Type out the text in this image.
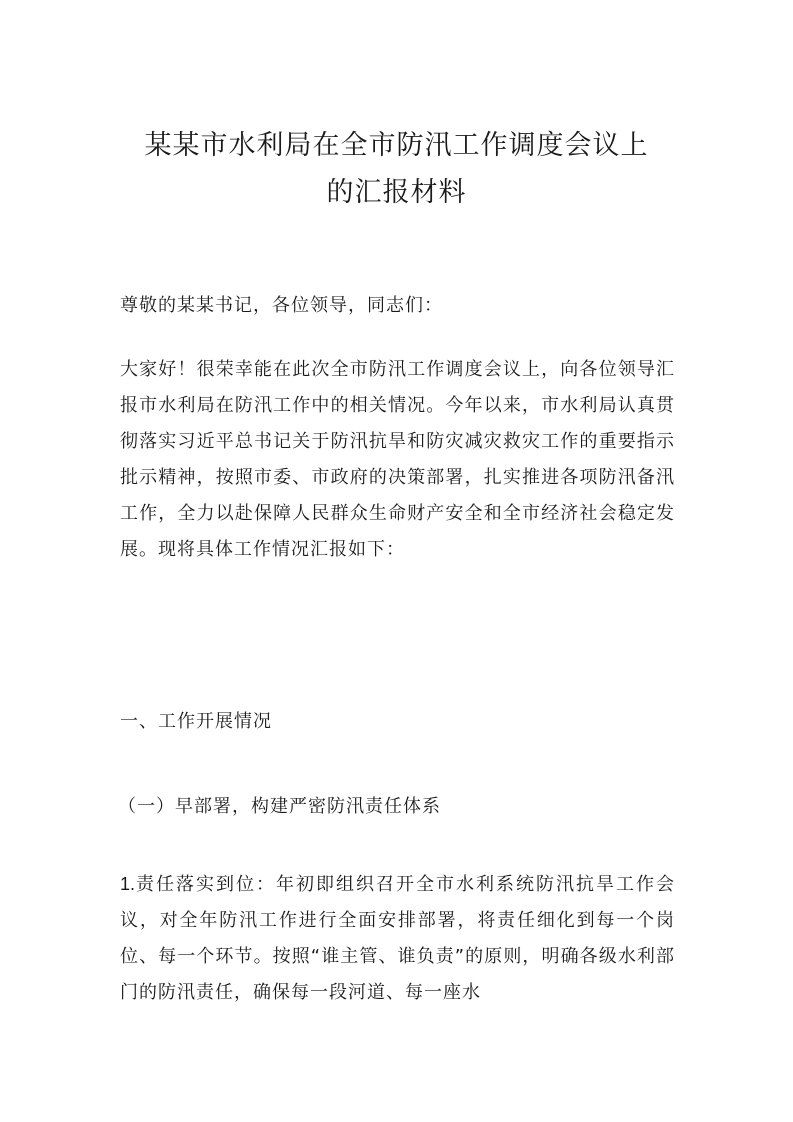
某某市水利局在全市防汛工作调度会议上
的汇报材料

尊敬的某某书记，各位领导，同志们：

大家好！很荣幸能在此次全市防汛工作调度会议上，向各位领导汇报市水利局在防汛工作中的相关情况。今年以来，市水利局认真贯彻落实习近平总书记关于防汛抗旱和防灾减灾救灾工作的重要指示批示精神，按照市委、市政府的决策部署，扎实推进各项防汛备汛工作，全力以赴保障人民群众生命财产安全和全市经济社会稳定发展。现将具体工作情况汇报如下：

一、工作开展情况

（一）早部署，构建严密防汛责任体系

1.责任落实到位：年初即组织召开全市水利系统防汛抗旱工作会议，对全年防汛工作进行全面安排部署，将责任细化到每一个岗位、每一个环节。按照“谁主管、谁负责”的原则，明确各级水利部门的防汛责任，确保每一段河道、每一座水
